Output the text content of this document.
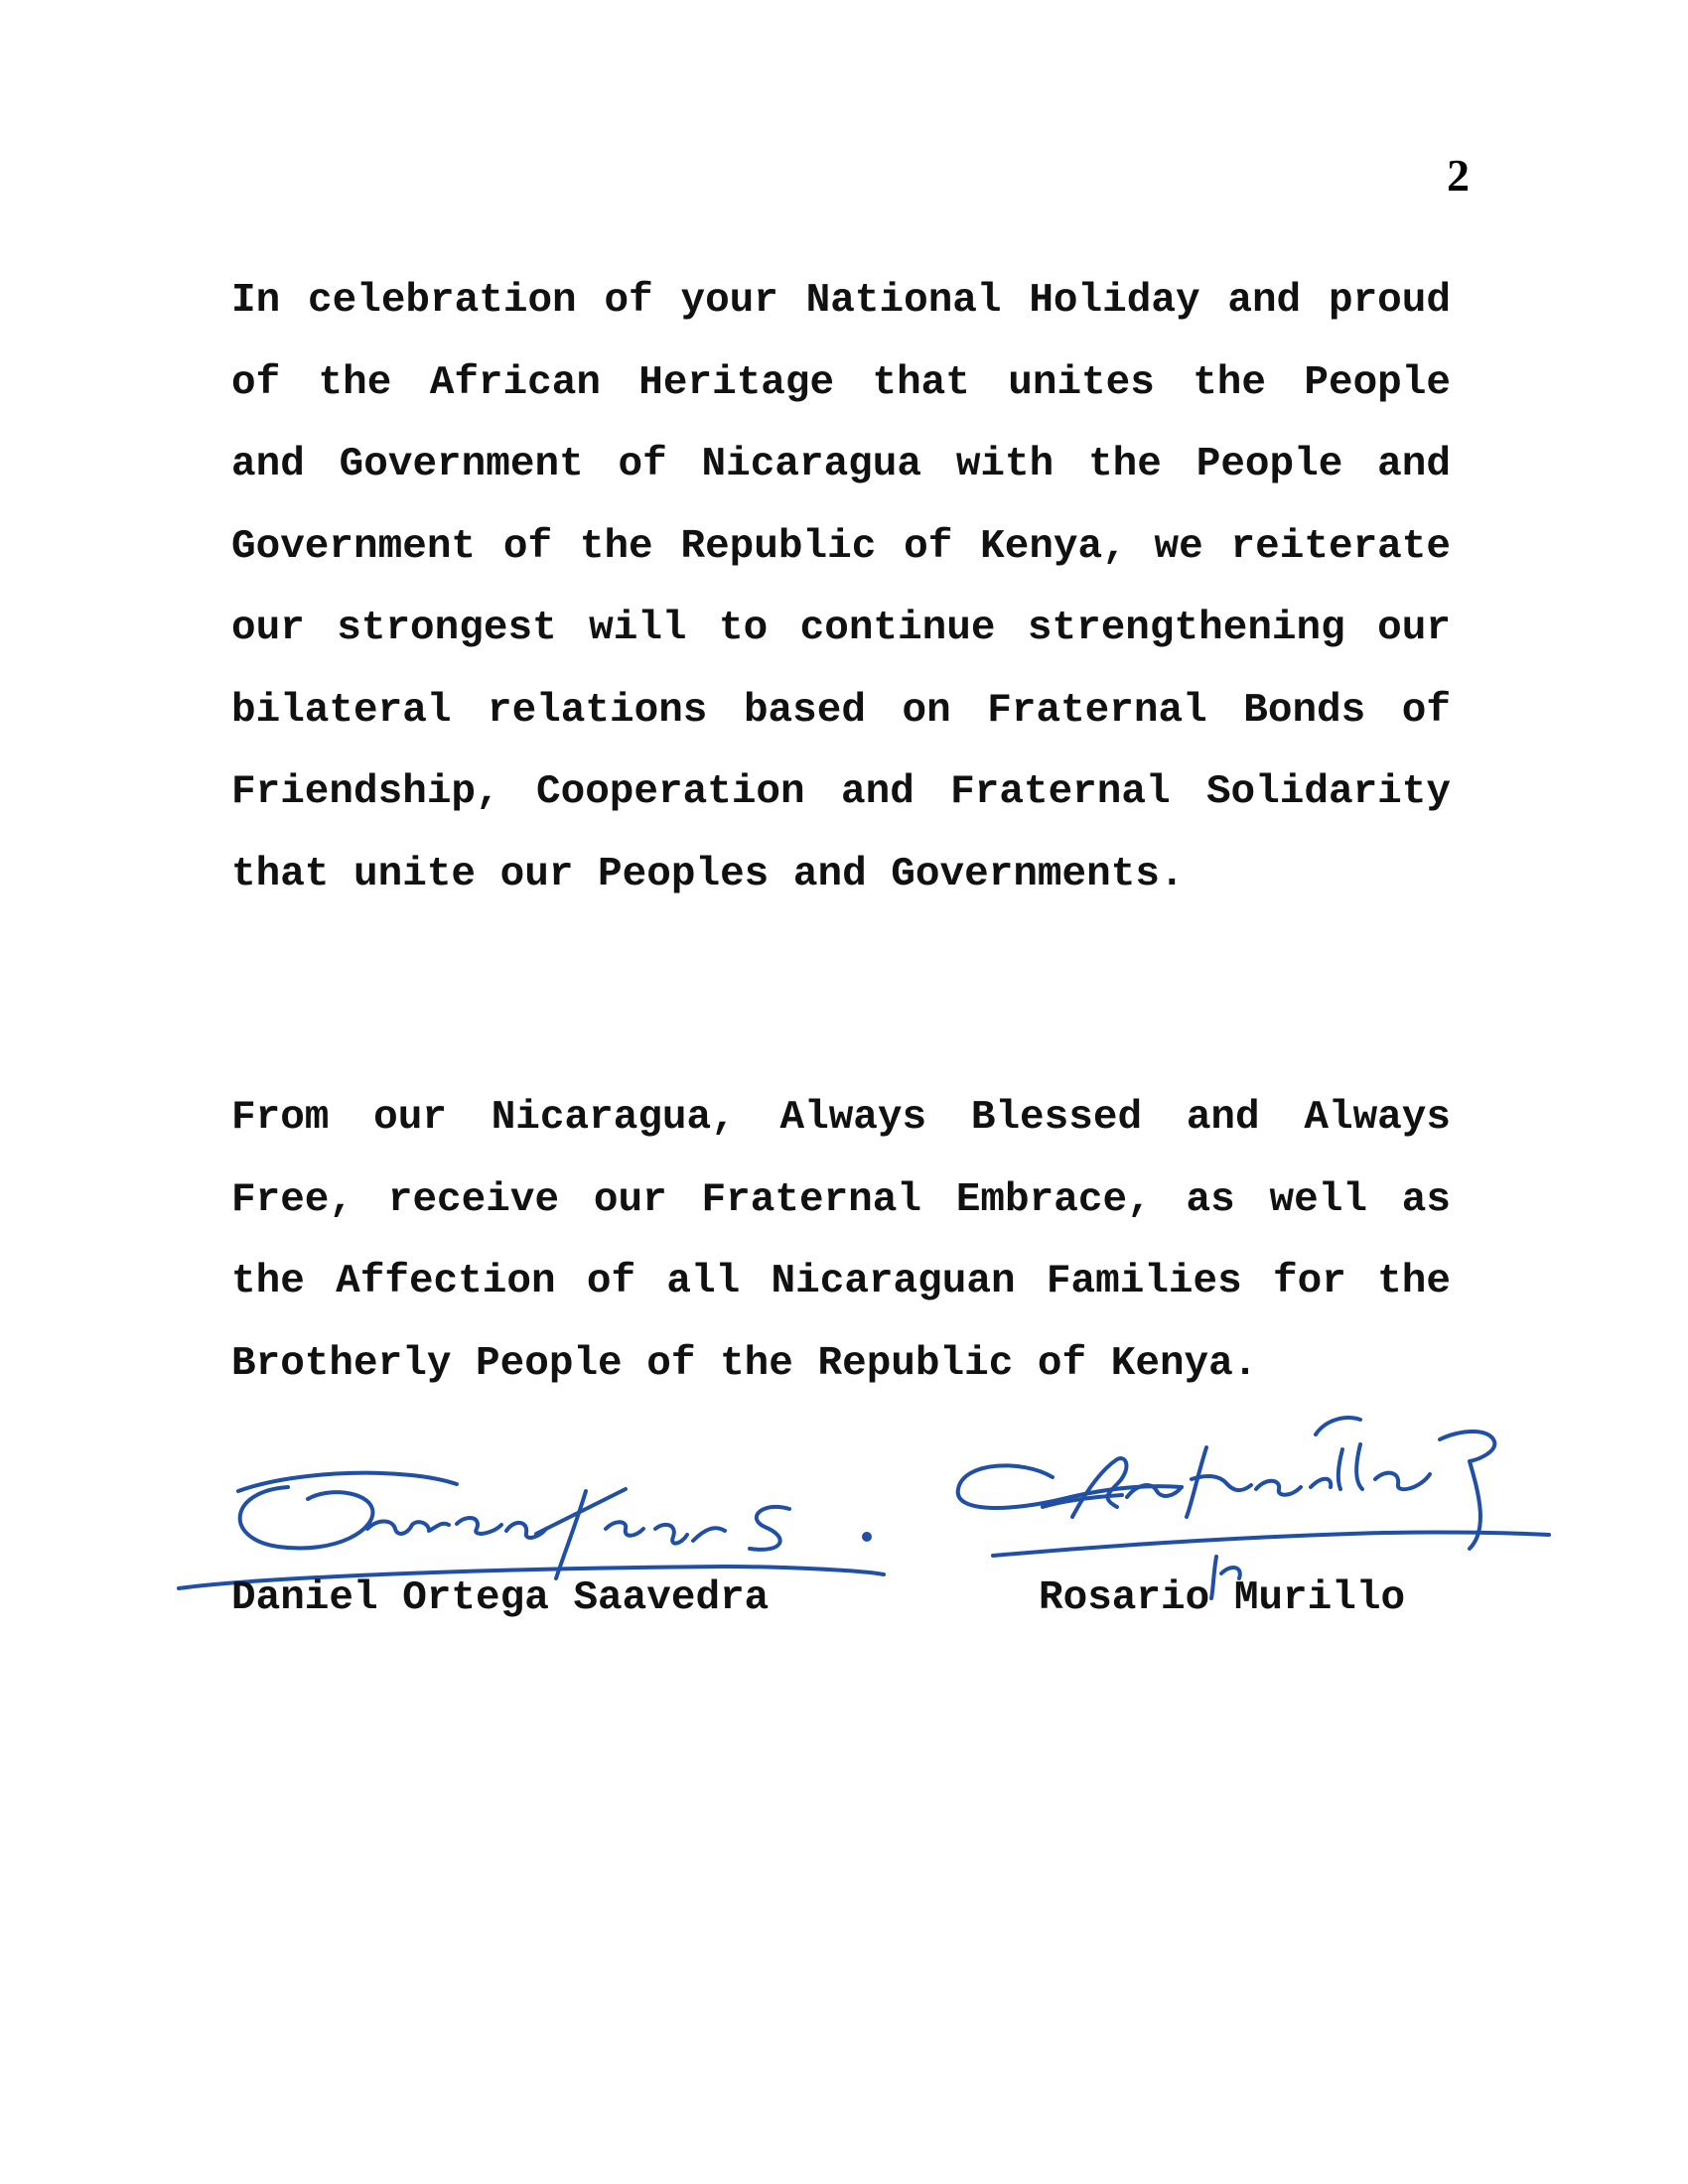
2

In celebration of your National Holiday and proud of the African Heritage that unites the People and Government of Nicaragua with the People and Government of the Republic of Kenya, we reiterate our strongest will to continue strengthening our bilateral relations based on Fraternal Bonds of Friendship, Cooperation and Fraternal Solidarity that unite our Peoples and Governments.

From our Nicaragua, Always Blessed and Always Free, receive our Fraternal Embrace, as well as the Affection of all Nicaraguan Families for the Brotherly People of the Republic of Kenya.

Daniel Ortega Saavedra	Rosario Murillo
